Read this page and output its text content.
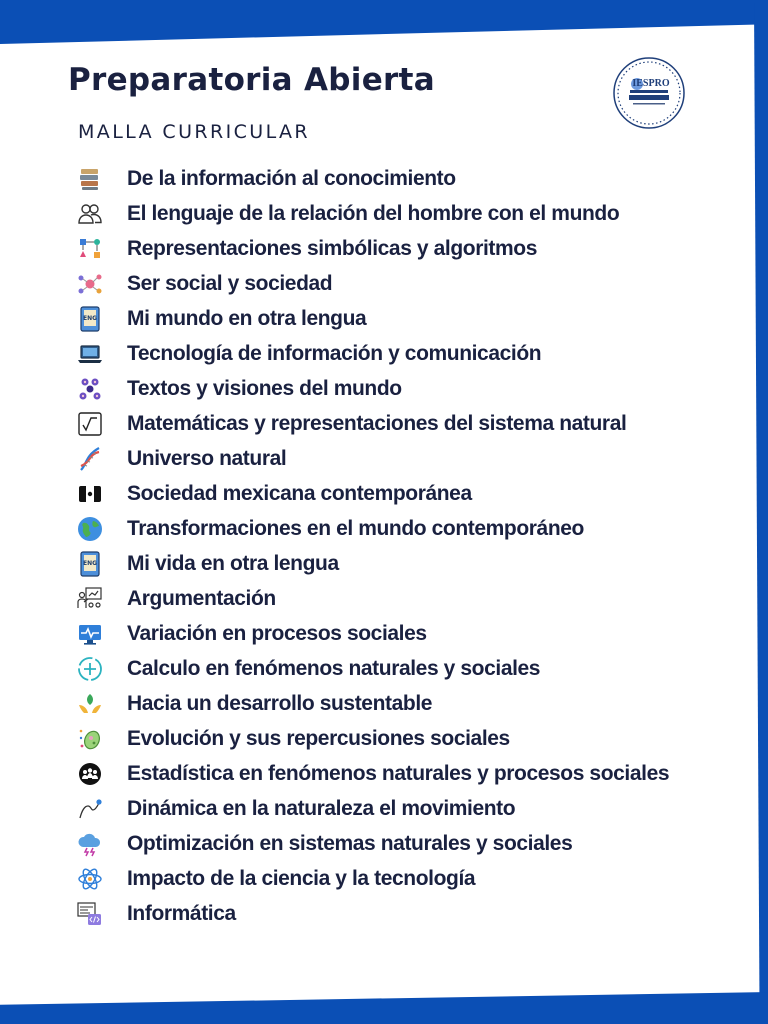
Preparatoria Abierta
MALLA CURRICULAR
IESPRO
De la información al conocimiento
El lenguaje de la relación del hombre con el mundo
Representaciones simbólicas y algoritmos
Ser social y sociedad
ENG Mi mundo en otra lengua
Tecnología de información y comunicación
Textos y visiones del mundo
Matemáticas y representaciones del sistema natural
Universo natural
Sociedad mexicana contemporánea
Transformaciones en el mundo contemporáneo
ENG Mi vida en otra lengua
Argumentación
Variación en procesos sociales
Calculo en fenómenos naturales y sociales
Hacia un desarrollo sustentable
Evolución y sus repercusiones sociales
Estadística en fenómenos naturales y procesos sociales
Dinámica en la naturaleza el movimiento
Optimización en sistemas naturales y sociales
Impacto de la ciencia y la tecnología
Informática
